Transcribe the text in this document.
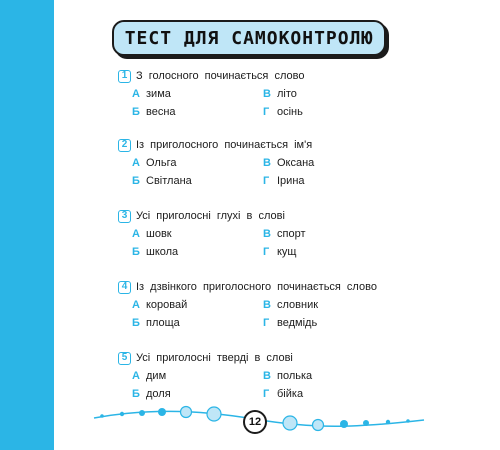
ТЕСТ ДЛЯ САМОКОНТРОЛЮ
1 З голосного починається слово
А зима	В літо
Б весна	Г осінь
2 Із приголосного починається ім'я
А Ольга	В Оксана
Б Світлана	Г Ірина
3 Усі приголосні глухі в слові
А шовк	В спорт
Б школа	Г кущ
4 Із дзвінкого приголосного починається слово
А коровай	В словник
Б площа	Г ведмідь
5 Усі приголосні тверді в слові
А дим	В полька
Б доля	Г бійка
12
